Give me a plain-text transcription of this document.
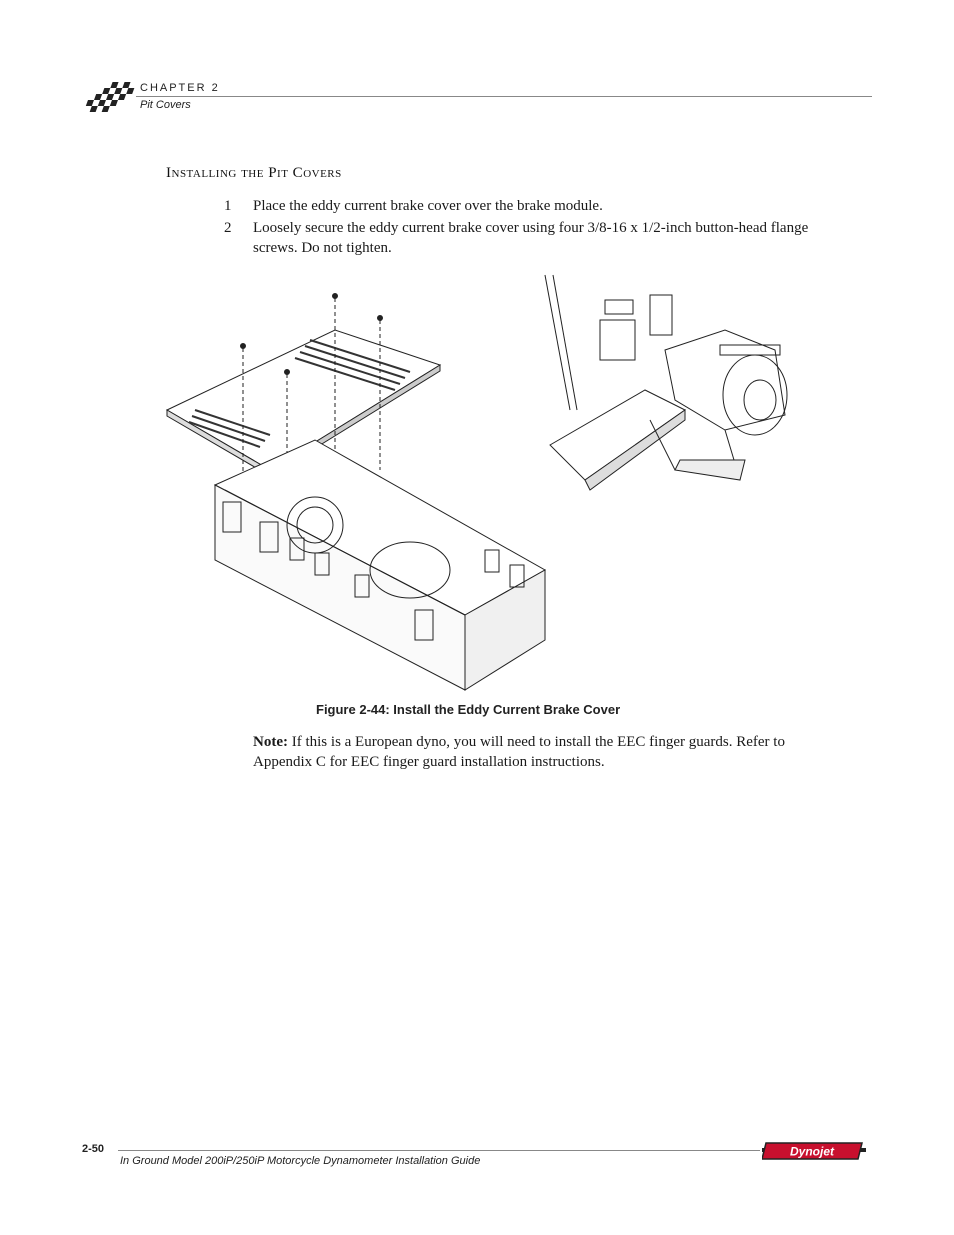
CHAPTER 2
Pit Covers
Installing the Pit Covers
1 Place the eddy current brake cover over the brake module.
2 Loosely secure the eddy current brake cover using four 3/8-16 x 1/2-inch button-head flange screws. Do not tighten.
Figure 2-44: Install the Eddy Current Brake Cover
Note: If this is a European dyno, you will need to install the EEC finger guards. Refer to Appendix C for EEC finger guard installation instructions.
2-50
In Ground Model 200iP/250iP Motorcycle Dynamometer Installation Guide
Dynojet
